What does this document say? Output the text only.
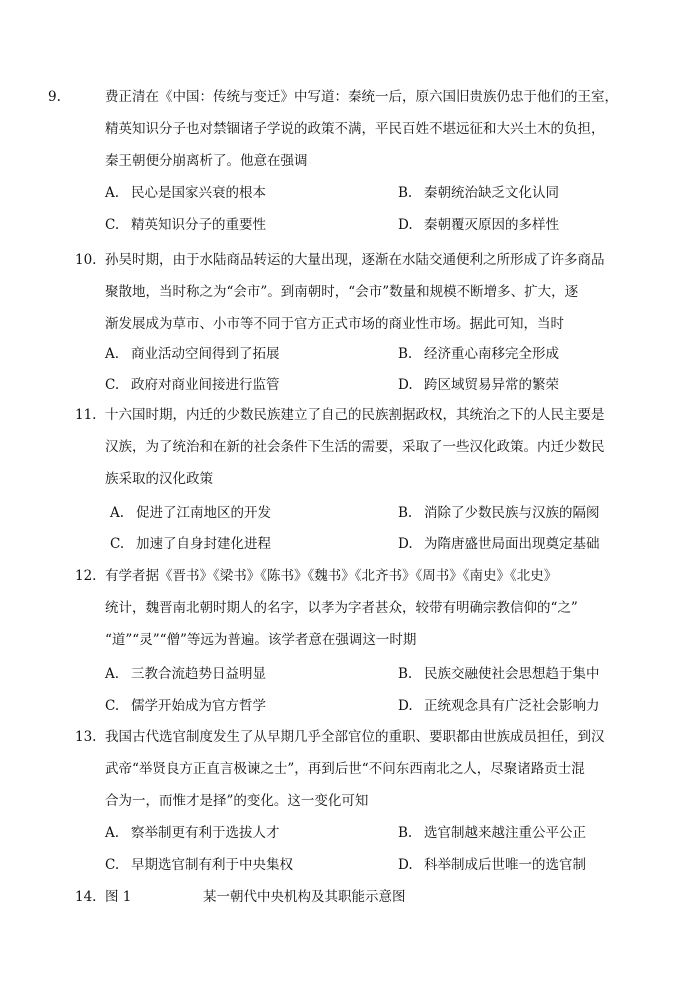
9.	费正清在《中国：传统与变迁》中写道：秦统一后，原六国旧贵族仍忠于他们的王室，
精英知识分子也对禁锢诸子学说的政策不满，平民百姓不堪远征和大兴土木的负担，
秦王朝便分崩离析了。他意在强调
A. 民心是国家兴衰的根本	B. 秦朝统治缺乏文化认同
C. 精英知识分子的重要性	D. 秦朝覆灭原因的多样性
10. 孙吴时期，由于水陆商品转运的大量出现，逐渐在水陆交通便利之所形成了许多商品
聚散地，当时称之为“会市”。到南朝时，“会市”数量和规模不断增多、扩大，逐
渐发展成为草市、小市等不同于官方正式市场的商业性市场。据此可知，当时
A. 商业活动空间得到了拓展	B. 经济重心南移完全形成
C. 政府对商业间接进行监管	D. 跨区域贸易异常的繁荣
11. 十六国时期，内迁的少数民族建立了自己的民族割据政权，其统治之下的人民主要是
汉族，为了统治和在新的社会条件下生活的需要，采取了一些汉化政策。内迁少数民
族采取的汉化政策
A. 促进了江南地区的开发	B. 消除了少数民族与汉族的隔阂
C. 加速了自身封建化进程	D. 为隋唐盛世局面出现奠定基础
12. 有学者据《晋书》《梁书》《陈书》《魏书》《北齐书》《周书》《南史》《北史》
统计，魏晋南北朝时期人的名字，以孝为字者甚众，较带有明确宗教信仰的“之”
“道”“灵”“僧”等远为普遍。该学者意在强调这一时期
A. 三教合流趋势日益明显	B. 民族交融使社会思想趋于集中
C. 儒学开始成为官方哲学	D. 正统观念具有广泛社会影响力
13. 我国古代选官制度发生了从早期几乎全部官位的重职、要职都由世族成员担任，到汉
武帝“举贤良方正直言极谏之士”，再到后世“不问东西南北之人，尽聚诸路贡士混
合为一，而惟才是择”的变化。这一变化可知
A. 察举制更有利于选拔人才	B. 选官制越来越注重公平公正
C. 早期选官制有利于中央集权	D. 科举制成后世唯一的选官制
14. 图 1	某一朝代中央机构及其职能示意图
